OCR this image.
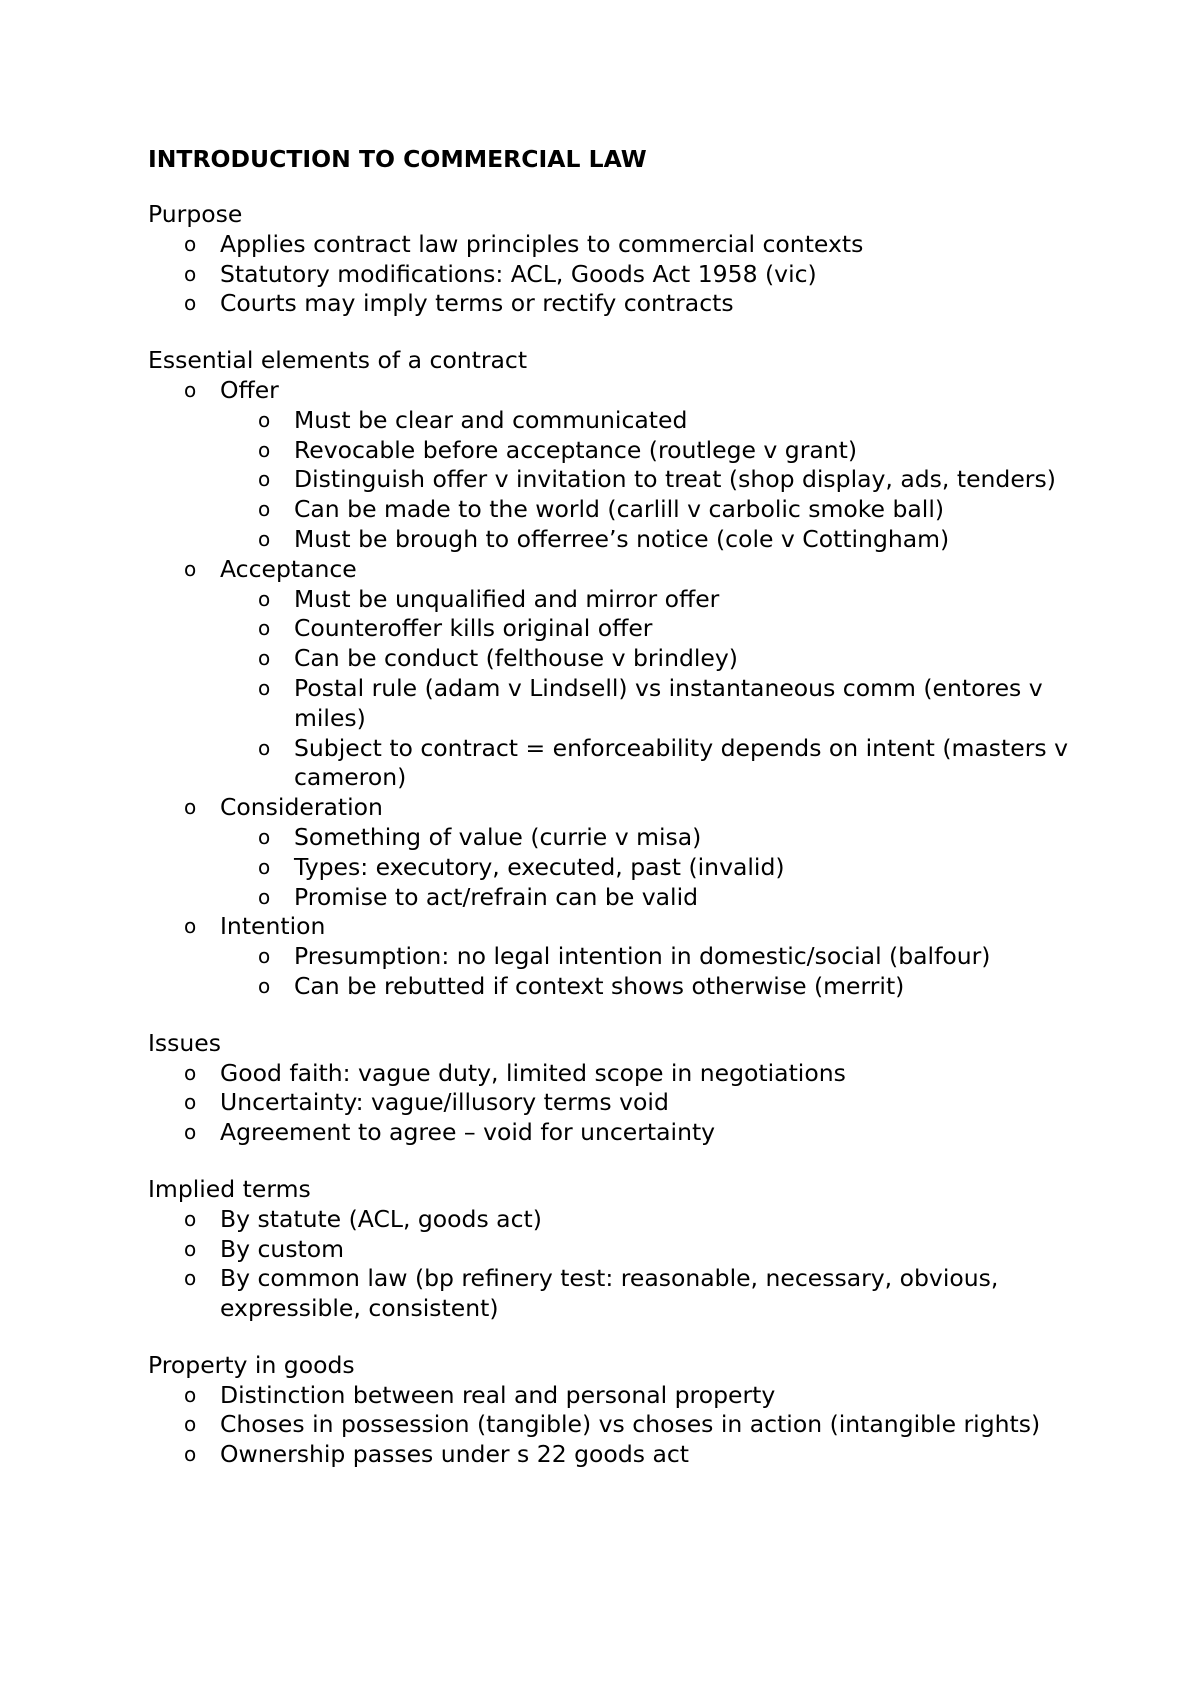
INTRODUCTION TO COMMERCIAL LAW
Purpose
o Applies contract law principles to commercial contexts
o Statutory modifications: ACL, Goods Act 1958 (vic)
o Courts may imply terms or rectify contracts
Essential elements of a contract
o Offer
o Must be clear and communicated
o Revocable before acceptance (routlege v grant)
o Distinguish offer v invitation to treat (shop display, ads, tenders)
o Can be made to the world (carlill v carbolic smoke ball)
o Must be brough to offerree’s notice (cole v Cottingham)
o Acceptance
o Must be unqualified and mirror offer
o Counteroffer kills original offer
o Can be conduct (felthouse v brindley)
o Postal rule (adam v Lindsell) vs instantaneous comm (entores v miles)
o Subject to contract = enforceability depends on intent (masters v cameron)
o Consideration
o Something of value (currie v misa)
o Types: executory, executed, past (invalid)
o Promise to act/refrain can be valid
o Intention
o Presumption: no legal intention in domestic/social (balfour)
o Can be rebutted if context shows otherwise (merrit)
Issues
o Good faith: vague duty, limited scope in negotiations
o Uncertainty: vague/illusory terms void
o Agreement to agree – void for uncertainty
Implied terms
o By statute (ACL, goods act)
o By custom
o By common law (bp refinery test: reasonable, necessary, obvious, expressible, consistent)
Property in goods
o Distinction between real and personal property
o Choses in possession (tangible) vs choses in action (intangible rights)
o Ownership passes under s 22 goods act
